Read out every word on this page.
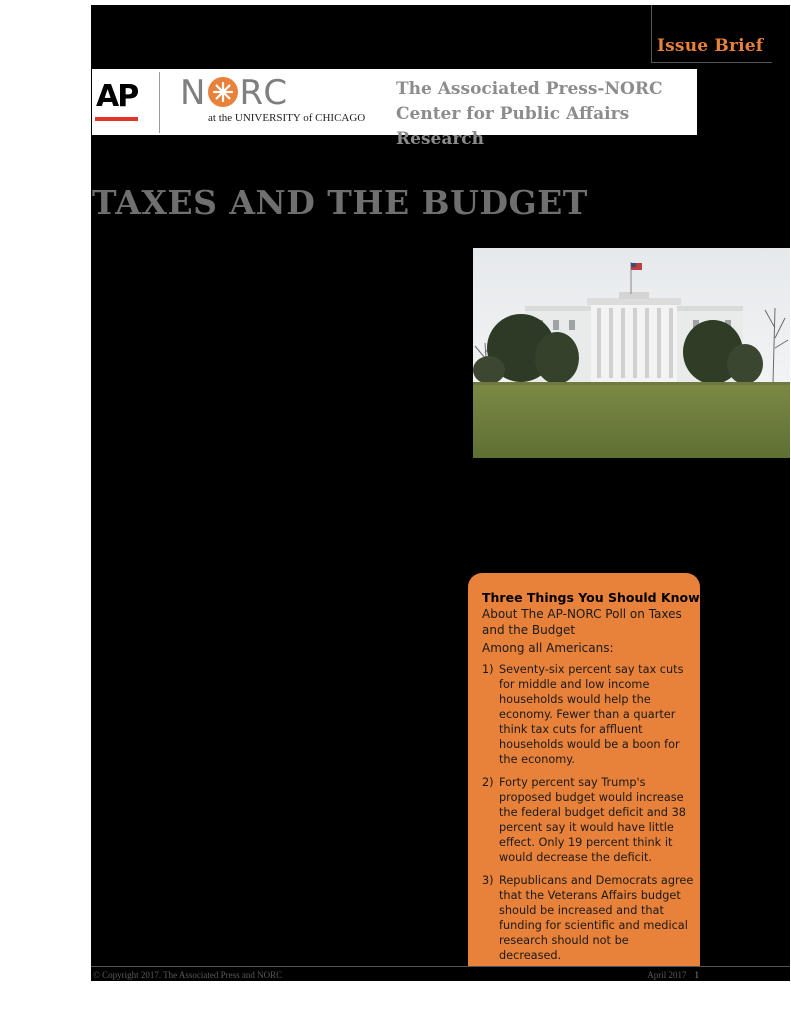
Issue Brief
AP N RC
at the UNIVERSITY of CHICAGO
The Associated Press-NORC
Center for Public Affairs Research
TAXES AND THE BUDGET
Three Things You Should Know
About The AP-NORC Poll on Taxes and the Budget
Among all Americans:
1) Seventy-six percent say tax cuts for middle and low income households would help the economy. Fewer than a quarter think tax cuts for affluent households would be a boon for the economy.
2) Forty percent say Trump's proposed budget would increase the federal budget deficit and 38 percent say it would have little effect. Only 19 percent think it would decrease the deficit.
3) Republicans and Democrats agree that the Veterans Affairs budget should be increased and that funding for scientific and medical research should not be decreased.
© Copyright 2017. The Associated Press and NORC	April 2017 1
